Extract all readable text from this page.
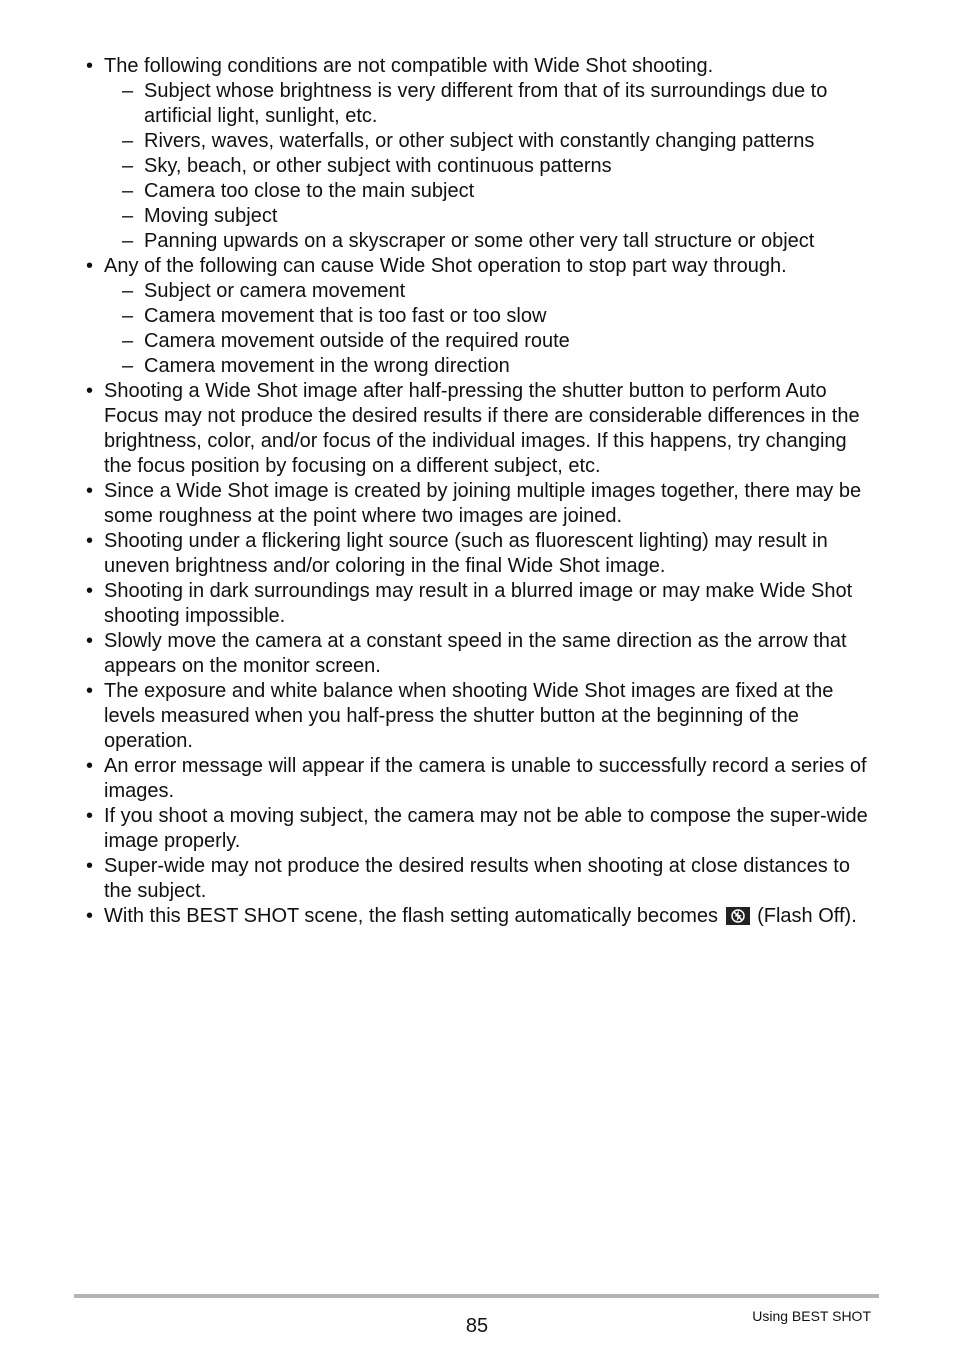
• The following conditions are not compatible with Wide Shot shooting.
– Subject whose brightness is very different from that of its surroundings due to artificial light, sunlight, etc.
– Rivers, waves, waterfalls, or other subject with constantly changing patterns
– Sky, beach, or other subject with continuous patterns
– Camera too close to the main subject
– Moving subject
– Panning upwards on a skyscraper or some other very tall structure or object
• Any of the following can cause Wide Shot operation to stop part way through.
– Subject or camera movement
– Camera movement that is too fast or too slow
– Camera movement outside of the required route
– Camera movement in the wrong direction
• Shooting a Wide Shot image after half-pressing the shutter button to perform Auto Focus may not produce the desired results if there are considerable differences in the brightness, color, and/or focus of the individual images. If this happens, try changing the focus position by focusing on a different subject, etc.
• Since a Wide Shot image is created by joining multiple images together, there may be some roughness at the point where two images are joined.
• Shooting under a flickering light source (such as fluorescent lighting) may result in uneven brightness and/or coloring in the final Wide Shot image.
• Shooting in dark surroundings may result in a blurred image or may make Wide Shot shooting impossible.
• Slowly move the camera at a constant speed in the same direction as the arrow that appears on the monitor screen.
• The exposure and white balance when shooting Wide Shot images are fixed at the levels measured when you half-press the shutter button at the beginning of the operation.
• An error message will appear if the camera is unable to successfully record a series of images.
• If you shoot a moving subject, the camera may not be able to compose the super-wide image properly.
• Super-wide may not produce the desired results when shooting at close distances to the subject.
• With this BEST SHOT scene, the flash setting automatically becomes (Flash Off).
85	Using BEST SHOT
